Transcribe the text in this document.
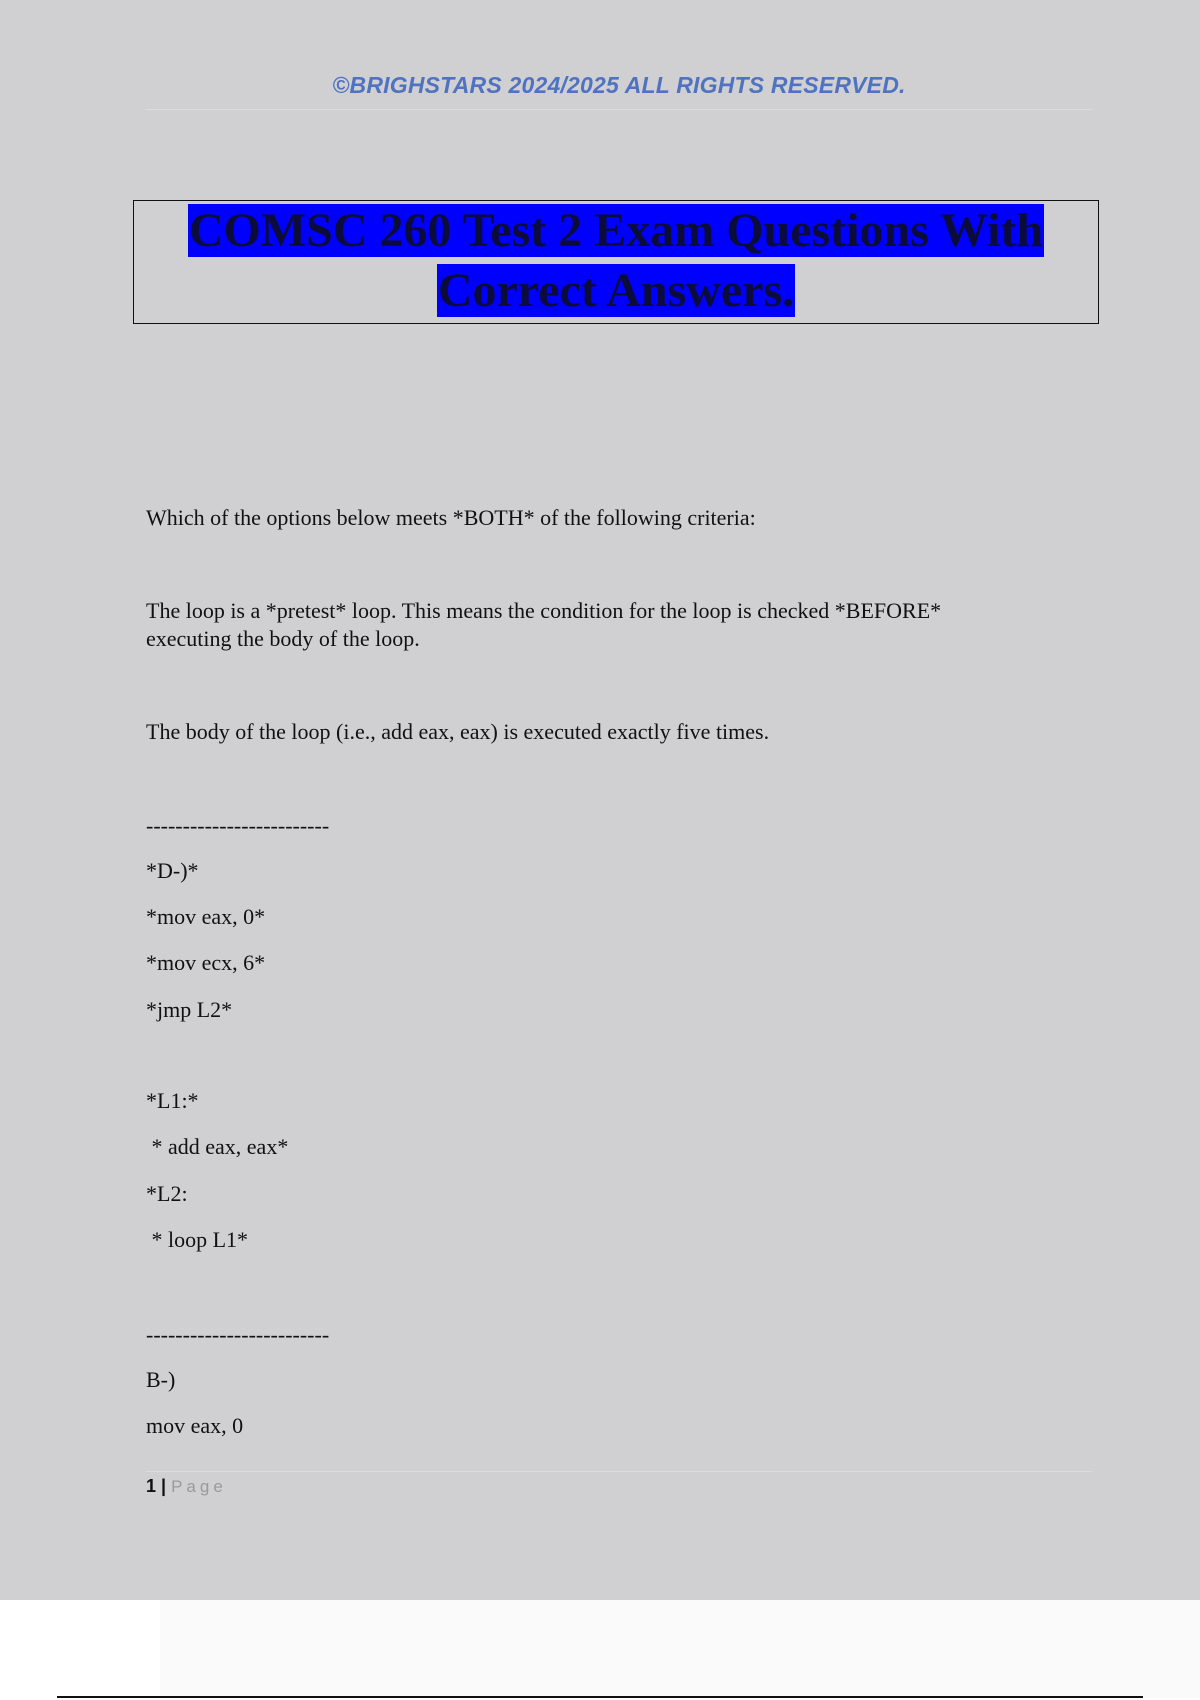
©BRIGHSTARS 2024/2025 ALL RIGHTS RESERVED.

COMSC 260 Test 2 Exam Questions With
Correct Answers.

Which of the options below meets *BOTH* of the following criteria:

The loop is a *pretest* loop. This means the condition for the loop is checked *BEFORE*

executing the body of the loop.

The body of the loop (i.e., add eax, eax) is executed exactly five times.

-------------------------

*D-)*

*mov eax, 0*

*mov ecx, 6*

*jmp L2*

*L1:*

* add eax, eax*

*L2:

* loop L1*

-------------------------

B-)

mov eax, 0

1 | Page
